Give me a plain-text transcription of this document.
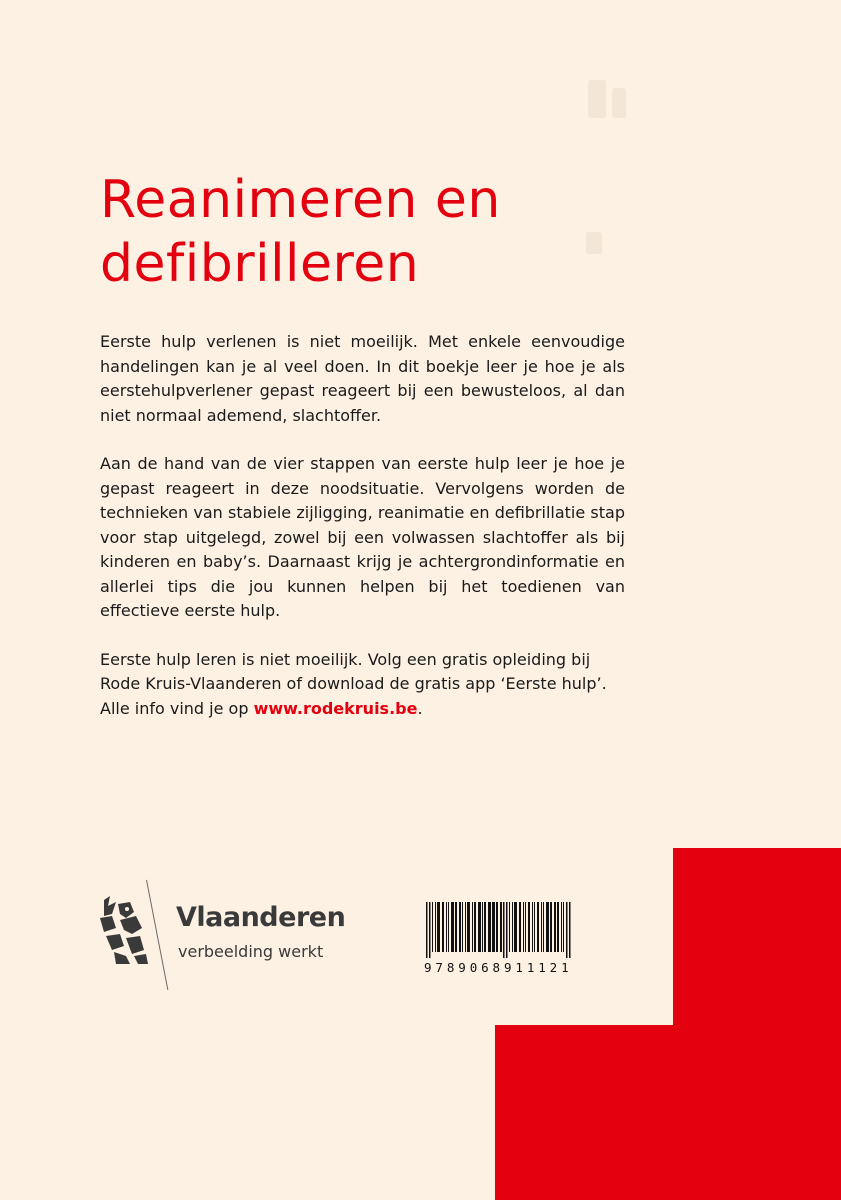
Reanimeren en
defibrilleren

Eerste hulp verlenen is niet moeilijk. Met enkele eenvoudige handelingen kan je al veel doen. In dit boekje leer je hoe je als eerstehulpverlener gepast reageert bij een bewusteloos, al dan niet normaal ademend, slachtoffer.

Aan de hand van de vier stappen van eerste hulp leer je hoe je gepast reageert in deze noodsituatie. Vervolgens worden de technieken van stabiele zijligging, reanimatie en defibrillatie stap voor stap uitgelegd, zowel bij een volwassen slachtoffer als bij kinderen en baby’s. Daarnaast krijg je achtergrondinformatie en allerlei tips die jou kunnen helpen bij het toedienen van effectieve eerste hulp.

Eerste hulp leren is niet moeilijk. Volg een gratis opleiding bij Rode Kruis-Vlaanderen of download de gratis app ‘Eerste hulp’. Alle info vind je op www.rodekruis.be.

Vlaanderen
verbeelding werkt
9789068911121
